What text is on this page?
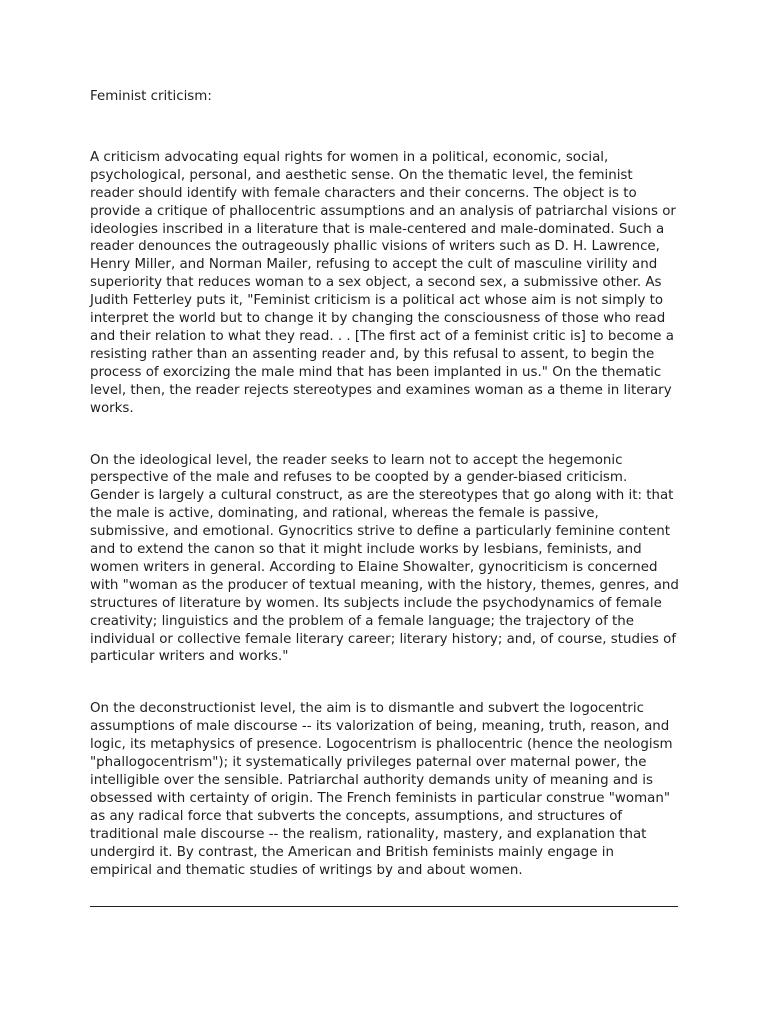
Feminist criticism:

A criticism advocating equal rights for women in a political, economic, social, psychological, personal, and aesthetic sense. On the thematic level, the feminist reader should identify with female characters and their concerns. The object is to provide a critique of phallocentric assumptions and an analysis of patriarchal visions or ideologies inscribed in a literature that is male-centered and male-dominated. Such a reader denounces the outrageously phallic visions of writers such as D. H. Lawrence, Henry Miller, and Norman Mailer, refusing to accept the cult of masculine virility and superiority that reduces woman to a sex object, a second sex, a submissive other. As Judith Fetterley puts it, "Feminist criticism is a political act whose aim is not simply to interpret the world but to change it by changing the consciousness of those who read and their relation to what they read. . . [The first act of a feminist critic is] to become a resisting rather than an assenting reader and, by this refusal to assent, to begin the process of exorcizing the male mind that has been implanted in us." On the thematic level, then, the reader rejects stereotypes and examines woman as a theme in literary works.

On the ideological level, the reader seeks to learn not to accept the hegemonic perspective of the male and refuses to be coopted by a gender-biased criticism. Gender is largely a cultural construct, as are the stereotypes that go along with it: that the male is active, dominating, and rational, whereas the female is passive, submissive, and emotional. Gynocritics strive to define a particularly feminine content and to extend the canon so that it might include works by lesbians, feminists, and women writers in general. According to Elaine Showalter, gynocriticism is concerned with "woman as the producer of textual meaning, with the history, themes, genres, and structures of literature by women. Its subjects include the psychodynamics of female creativity; linguistics and the problem of a female language; the trajectory of the individual or collective female literary career; literary history; and, of course, studies of particular writers and works."

On the deconstructionist level, the aim is to dismantle and subvert the logocentric assumptions of male discourse -- its valorization of being, meaning, truth, reason, and logic, its metaphysics of presence. Logocentrism is phallocentric (hence the neologism "phallogocentrism"); it systematically privileges paternal over maternal power, the intelligible over the sensible. Patriarchal authority demands unity of meaning and is obsessed with certainty of origin. The French feminists in particular construe "woman" as any radical force that subverts the concepts, assumptions, and structures of traditional male discourse -- the realism, rationality, mastery, and explanation that undergird it. By contrast, the American and British feminists mainly engage in empirical and thematic studies of writings by and about women.
